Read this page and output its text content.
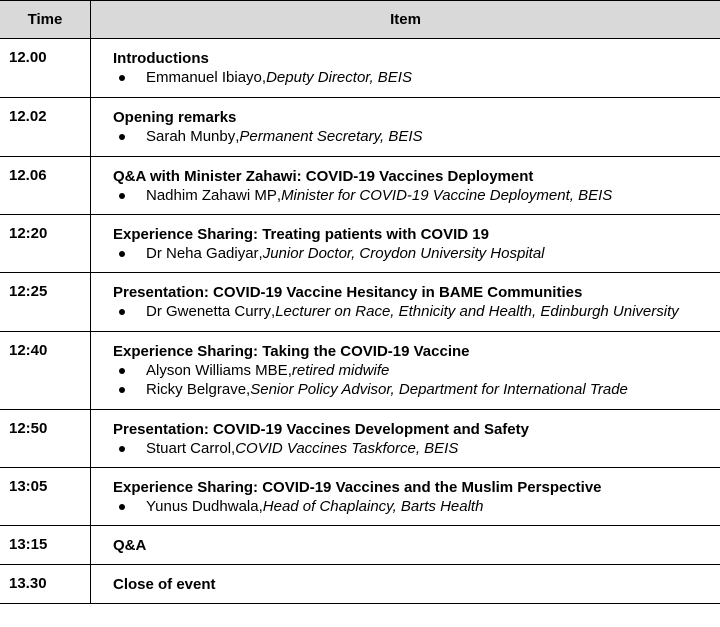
Time	Item
12.00	Introductions
Emmanuel Ibiayo , Deputy Director, BEIS
12.02	Opening remarks
Sarah Munby , Permanent Secretary, BEIS
12.06	Q&A with Minister Zahawi: COVID-19 Vaccines Deployment
Nadhim Zahawi MP , Minister for COVID-19 Vaccine Deployment, BEIS
12:20	Experience Sharing: Treating patients with COVID 19
Dr Neha Gadiyar , Junior Doctor, Croydon University Hospital
12:25	Presentation: COVID-19 Vaccine Hesitancy in BAME Communities
Dr Gwenetta Curry , Lecturer on Race, Ethnicity and Health, Edinburgh University
12:40	Experience Sharing: Taking the COVID-19 Vaccine
Alyson Williams MBE , retired midwife
Ricky Belgrave , Senior Policy Advisor, Department for International Trade
12:50	Presentation: COVID-19 Vaccines Development and Safety
Stuart Carrol , COVID Vaccines Taskforce, BEIS
13:05	Experience Sharing: COVID-19 Vaccines and the Muslim Perspective
Yunus Dudhwala , Head of Chaplaincy, Barts Health
13:15	Q&A
13.30	Close of event
